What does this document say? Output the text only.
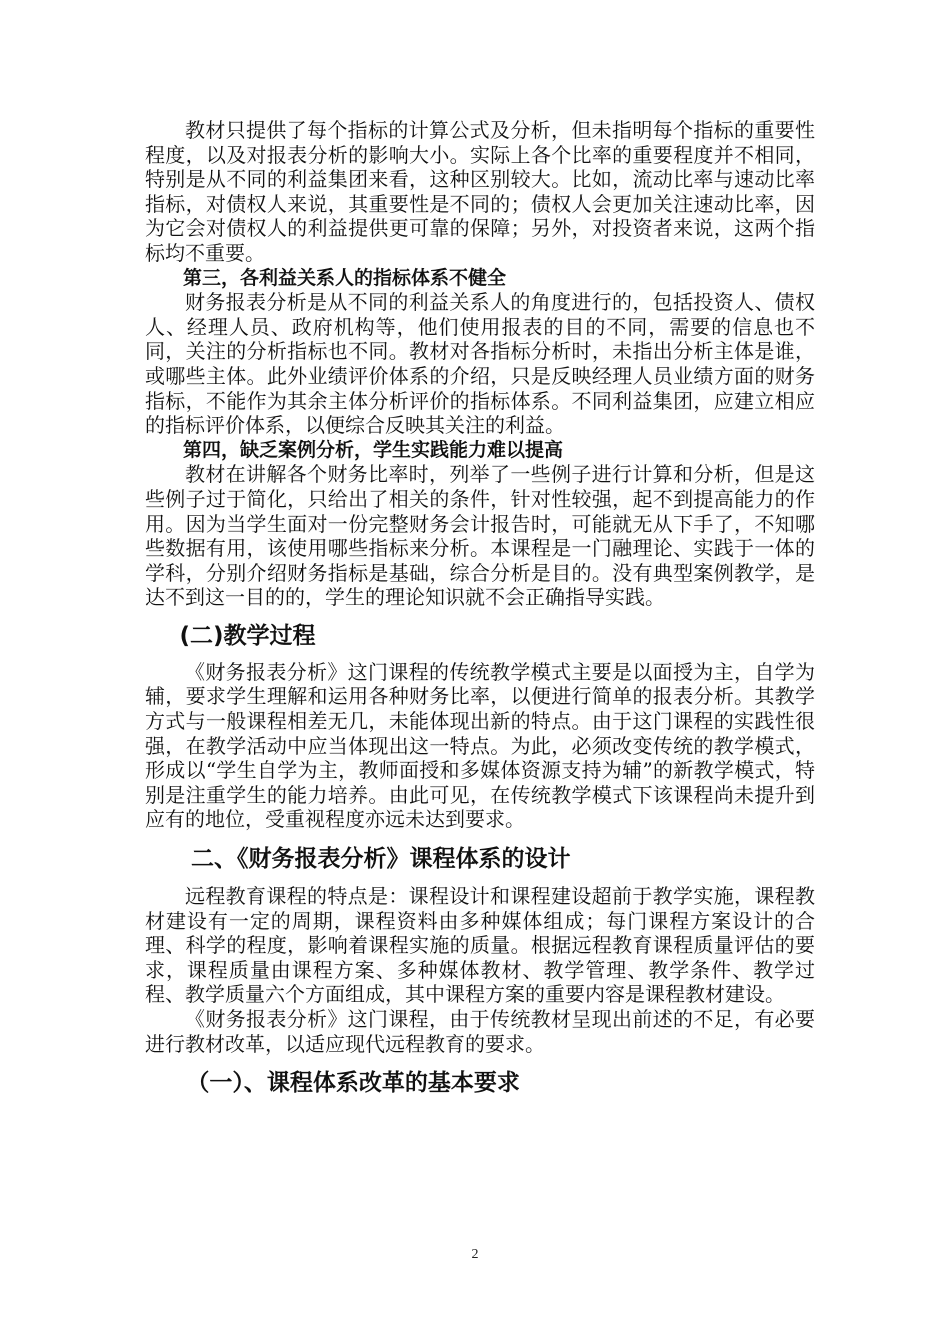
教材只提供了每个指标的计算公式及分析，但未指明每个指标的重要性程度，以及对报表分析的影响大小。实际上各个比率的重要程度并不相同，特别是从不同的利益集团来看，这种区别较大。比如，流动比率与速动比率指标，对债权人来说，其重要性是不同的；债权人会更加关注速动比率，因为它会对债权人的利益提供更可靠的保障；另外，对投资者来说，这两个指标均不重要。

第三，各利益关系人的指标体系不健全

财务报表分析是从不同的利益关系人的角度进行的，包括投资人、债权人、经理人员、政府机构等，他们使用报表的目的不同，需要的信息也不同，关注的分析指标也不同。教材对各指标分析时，未指出分析主体是谁，或哪些主体。此外业绩评价体系的介绍，只是反映经理人员业绩方面的财务指标，不能作为其余主体分析评价的指标体系。不同利益集团，应建立相应的指标评价体系，以便综合反映其关注的利益。

第四，缺乏案例分析，学生实践能力难以提高

教材在讲解各个财务比率时，列举了一些例子进行计算和分析，但是这些例子过于简化，只给出了相关的条件，针对性较强，起不到提高能力的作用。因为当学生面对一份完整财务会计报告时，可能就无从下手了，不知哪些数据有用，该使用哪些指标来分析。本课程是一门融理论、实践于一体的学科，分别介绍财务指标是基础，综合分析是目的。没有典型案例教学，是达不到这一目的的，学生的理论知识就不会正确指导实践。

(二)教学过程

《财务报表分析》这门课程的传统教学模式主要是以面授为主，自学为辅，要求学生理解和运用各种财务比率，以便进行简单的报表分析。其教学方式与一般课程相差无几，未能体现出新的特点。由于这门课程的实践性很强，在教学活动中应当体现出这一特点。为此，必须改变传统的教学模式，形成以“学生自学为主，教师面授和多媒体资源支持为辅”的新教学模式，特别是注重学生的能力培养。由此可见，在传统教学模式下该课程尚未提升到应有的地位，受重视程度亦远未达到要求。

二、《财务报表分析》课程体系的设计

远程教育课程的特点是：课程设计和课程建设超前于教学实施，课程教材建设有一定的周期，课程资料由多种媒体组成；每门课程方案设计的合理、科学的程度，影响着课程实施的质量。根据远程教育课程质量评估的要求，课程质量由课程方案、多种媒体教材、教学管理、教学条件、教学过程、教学质量六个方面组成，其中课程方案的重要内容是课程教材建设。

《财务报表分析》这门课程，由于传统教材呈现出前述的不足，有必要进行教材改革，以适应现代远程教育的要求。

（一）、课程体系改革的基本要求
2
